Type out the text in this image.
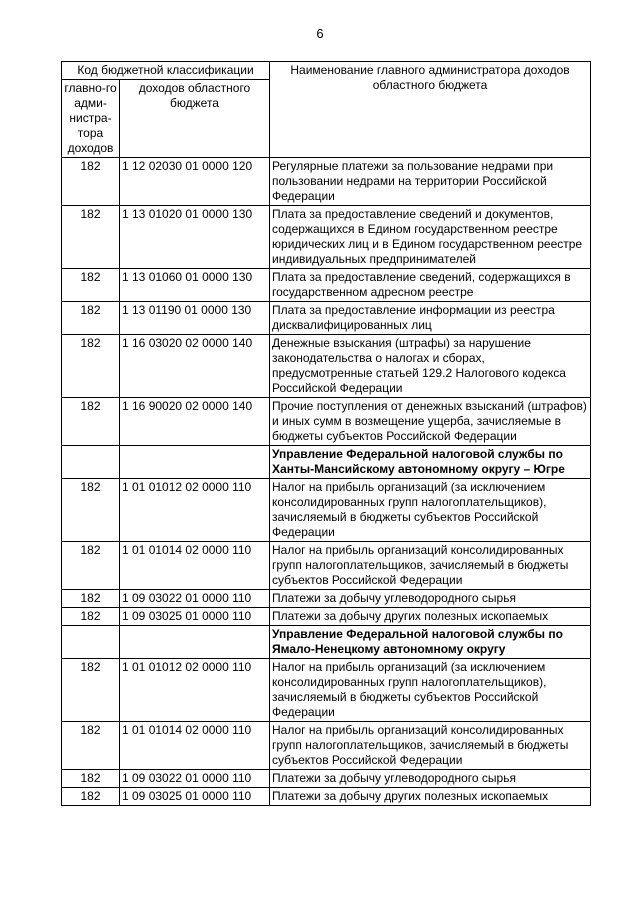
6
Код бюджетной классификации		Наименование главного администратора доходов областного бюджета
главно-го адми-нистра-тора доходов	доходов областного бюджета	
182	1 12 02030 01 0000 120	Регулярные платежи за пользование недрами при пользовании недрами на территории Российской Федерации
182	1 13 01020 01 0000 130	Плата за предоставление сведений и документов, содержащихся в Едином государственном реестре юридических лиц и в Едином государственном реестре индивидуальных предпринимателей
182	1 13 01060 01 0000 130	Плата за предоставление сведений, содержащихся в государственном адресном реестре
182	1 13 01190 01 0000 130	Плата за предоставление информации из реестра дисквалифицированных лиц
182	1 16 03020 02 0000 140	Денежные взыскания (штрафы) за нарушение законодательства о налогах и сборах, предусмотренные статьей 129.2 Налогового кодекса Российской Федерации
182	1 16 90020 02 0000 140	Прочие поступления от денежных взысканий (штрафов) и иных сумм в возмещение ущерба, зачисляемые в бюджеты субъектов Российской Федерации
		Управление Федеральной налоговой службы по Ханты-Мансийскому автономному округу – Югре
182	1 01 01012 02 0000 110	Налог на прибыль организаций (за исключением консолидированных групп налогоплательщиков), зачисляемый в бюджеты субъектов Российской Федерации
182	1 01 01014 02 0000 110	Налог на прибыль организаций консолидированных групп налогоплательщиков, зачисляемый в бюджеты субъектов Российской Федерации
182	1 09 03022 01 0000 110	Платежи за добычу углеводородного сырья
182	1 09 03025 01 0000 110	Платежи за добычу других полезных ископаемых
		Управление Федеральной налоговой службы по Ямало-Ненецкому автономному округу
182	1 01 01012 02 0000 110	Налог на прибыль организаций (за исключением консолидированных групп налогоплательщиков), зачисляемый в бюджеты субъектов Российской Федерации
182	1 01 01014 02 0000 110	Налог на прибыль организаций консолидированных групп налогоплательщиков, зачисляемый в бюджеты субъектов Российской Федерации
182	1 09 03022 01 0000 110	Платежи за добычу углеводородного сырья
182	1 09 03025 01 0000 110	Платежи за добычу других полезных ископаемых
